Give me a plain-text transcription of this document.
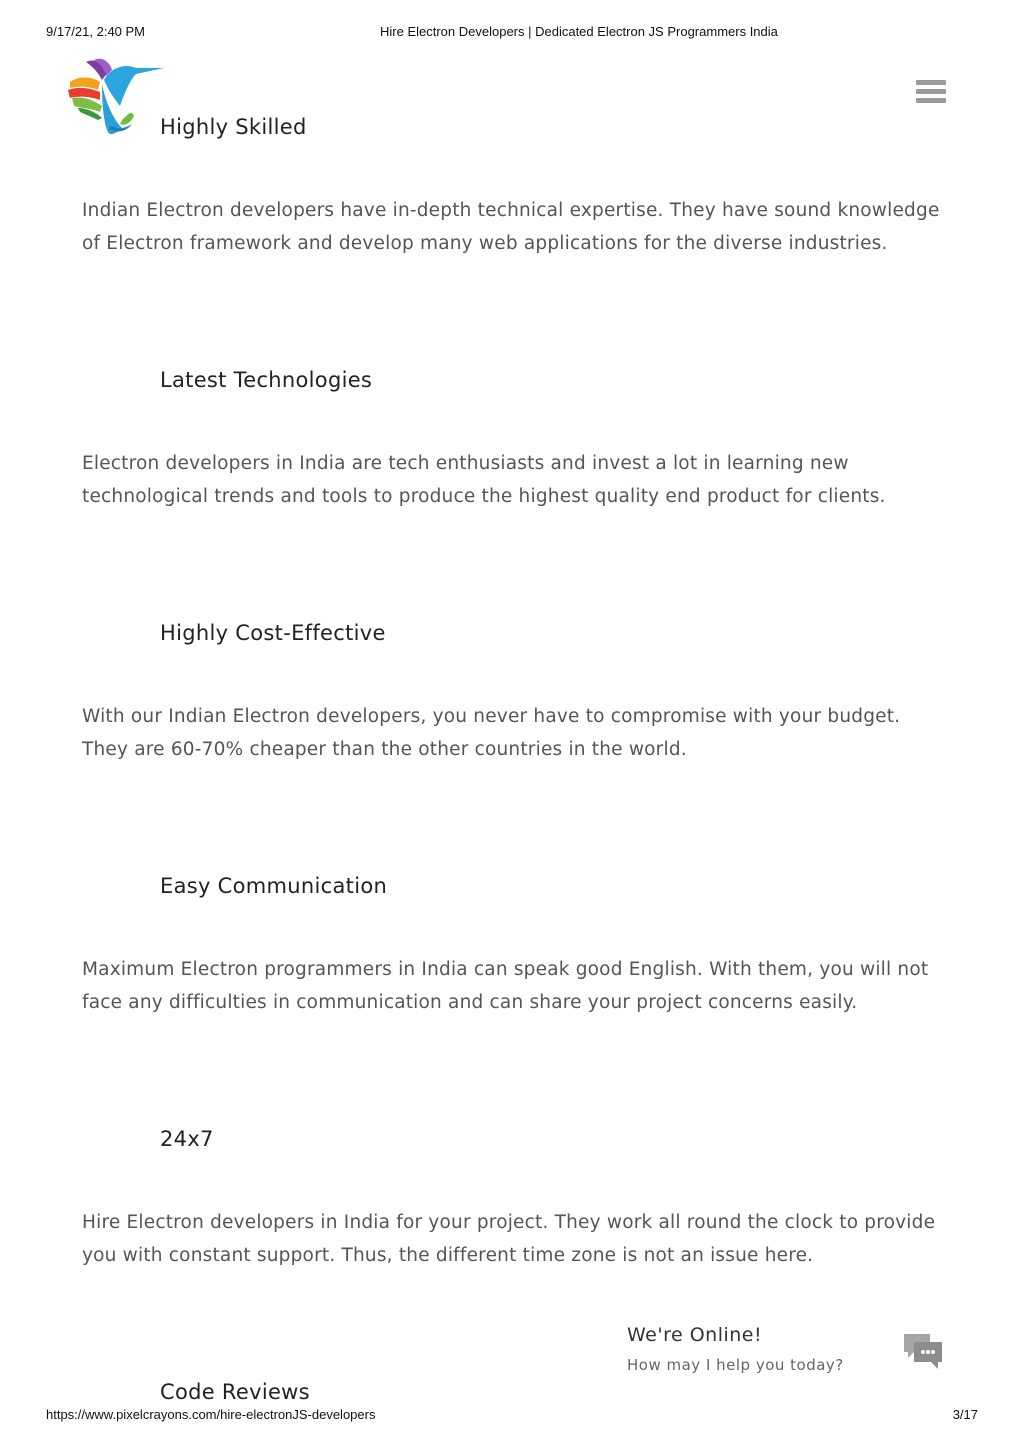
9/17/21, 2:40 PM	Hire Electron Developers | Dedicated Electron JS Programmers India
Highly Skilled

Indian Electron developers have in-depth technical expertise. They have sound knowledge of Electron framework and develop many web applications for the diverse industries.

Latest Technologies

Electron developers in India are tech enthusiasts and invest a lot in learning new technological trends and tools to produce the highest quality end product for clients.

Highly Cost-Effective

With our Indian Electron developers, you never have to compromise with your budget. They are 60-70% cheaper than the other countries in the world.

Easy Communication

Maximum Electron programmers in India can speak good English. With them, you will not face any difficulties in communication and can share your project concerns easily.

24x7

Hire Electron developers in India for your project. They work all round the clock to provide you with constant support. Thus, the different time zone is not an issue here.

Code Reviews
We're Online!
How may I help you today?
https://www.pixelcrayons.com/hire-electronJS-developers	3/17
